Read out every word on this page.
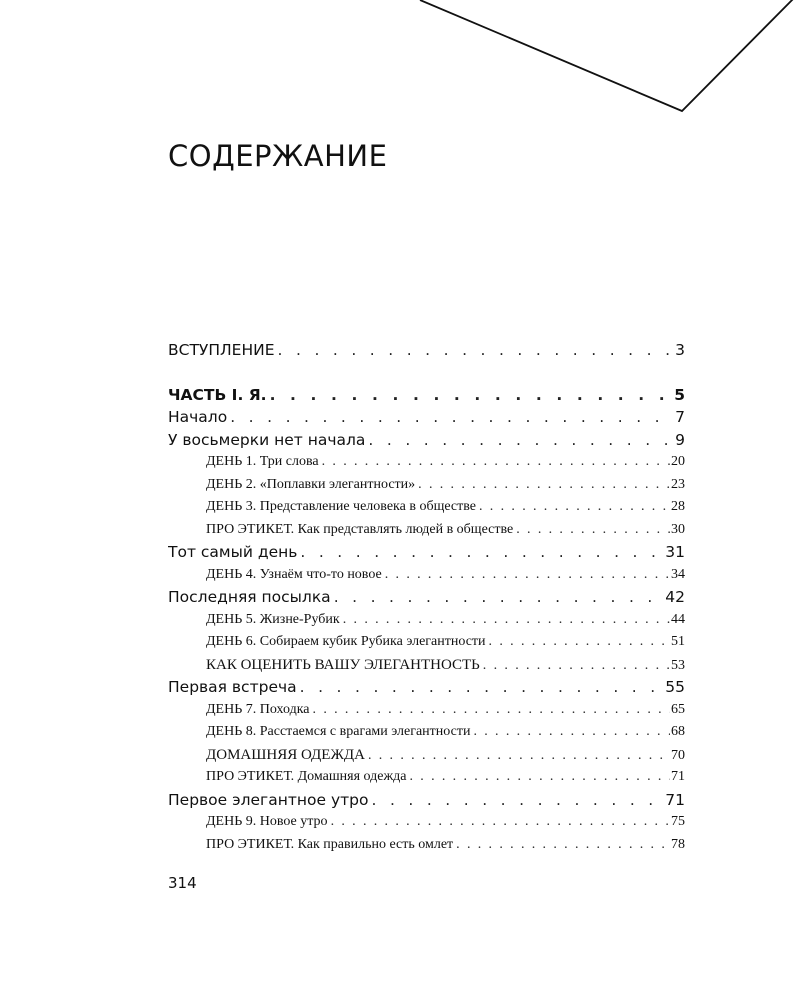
СОДЕРЖАНИЕ
ВСТУПЛЕНИЕ . . .	3
ЧАСТЬ I. Я. . . .	5
Начало . . .	7
У восьмерки нет начала . . .	9
ДЕНЬ 1. Три слова . . .	20
ДЕНЬ 2. «Поплавки элегантности» . . .	23
ДЕНЬ 3. Представление человека в обществе . . .	28
ПРО ЭТИКЕТ. Как представлять людей в обществе . . .	30
Тот самый день . . .	31
ДЕНЬ 4. Узнаём что-то новое . . .	34
Последняя посылка . . .	42
ДЕНЬ 5. Жизне-Рубик . . .	44
ДЕНЬ 6. Собираем кубик Рубика элегантности . . .	51
КАК ОЦЕНИТЬ ВАШУ ЭЛЕГАНТНОСТЬ . . .	53
Первая встреча . . .	55
ДЕНЬ 7. Походка . . .	65
ДЕНЬ 8. Расстаемся с врагами элегантности . . .	68
ДОМАШНЯЯ ОДЕЖДА . . .	70
ПРО ЭТИКЕТ. Домашняя одежда . . .	71
Первое элегантное утро . . .	71
ДЕНЬ 9. Новое утро . . .	75
ПРО ЭТИКЕТ. Как правильно есть омлет . . .	78
314
